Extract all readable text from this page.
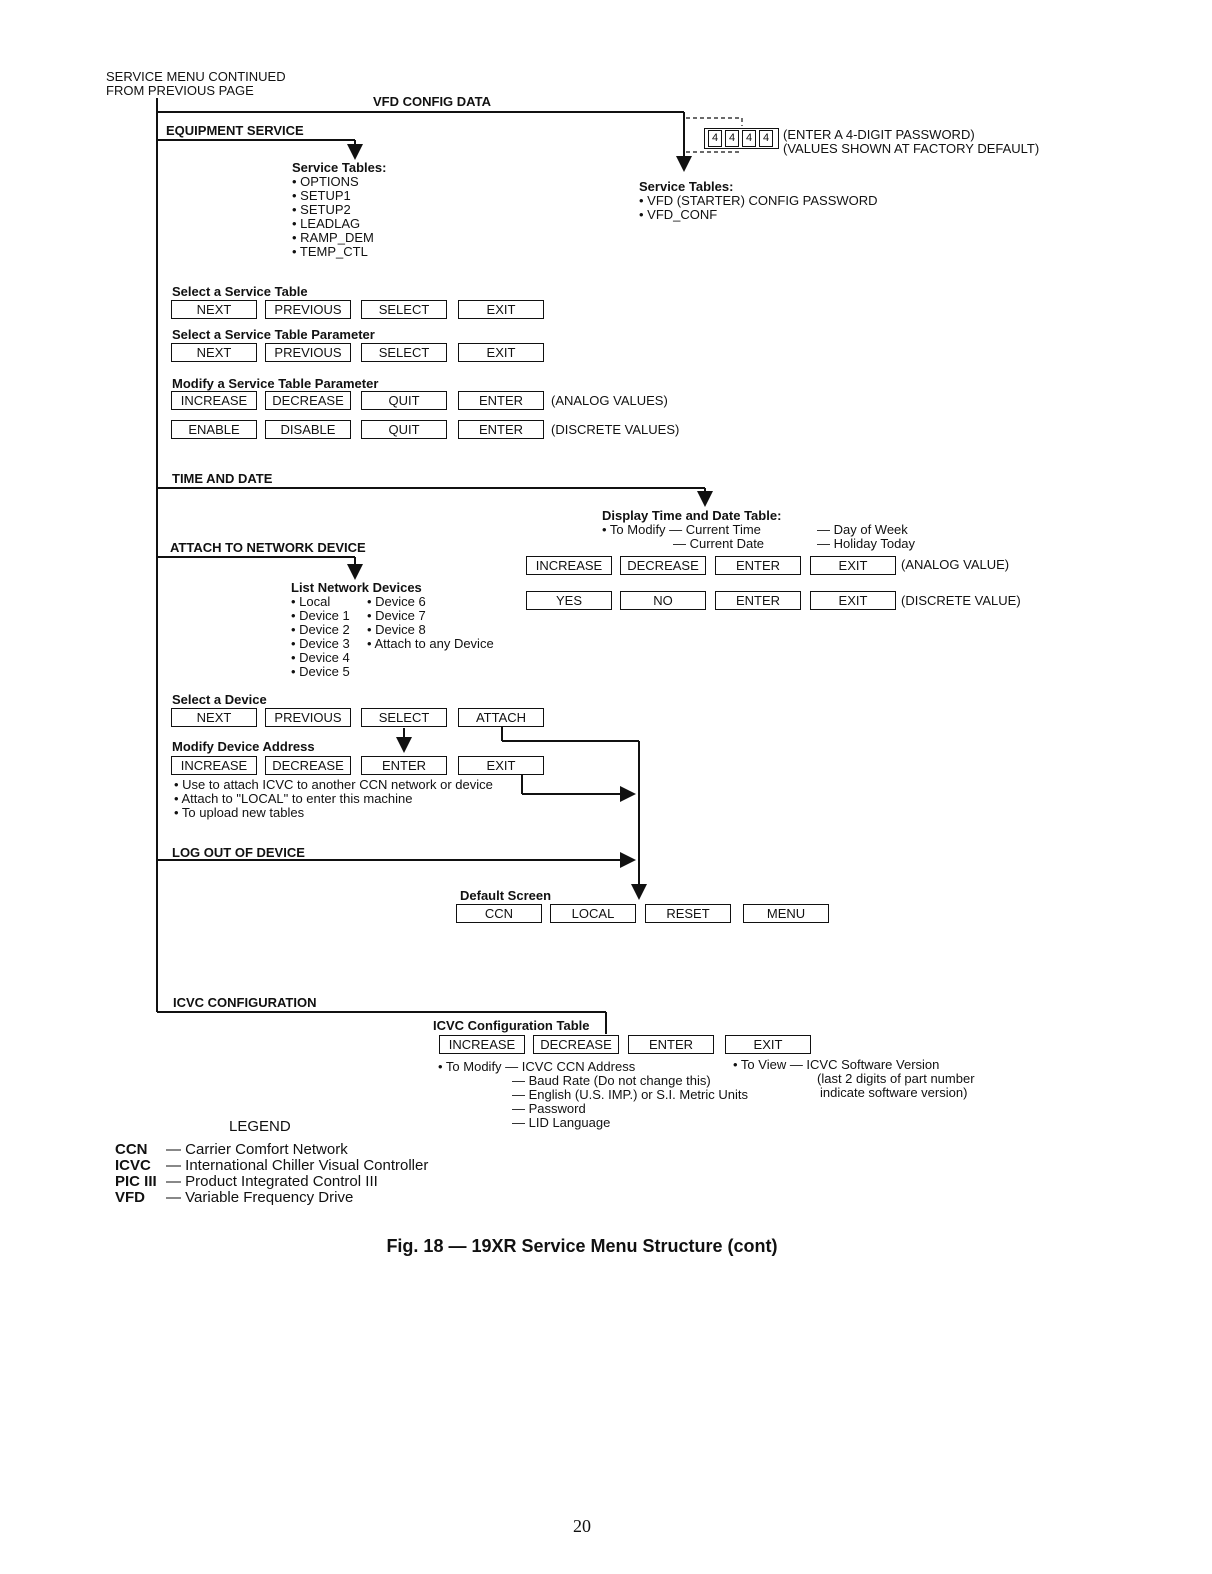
SERVICE MENU CONTINUED
FROM PREVIOUS PAGE
VFD CONFIG DATA
4 4 4 4	(ENTER A 4-DIGIT PASSWORD)
(VALUES SHOWN AT FACTORY DEFAULT)
Service Tables:
• VFD (STARTER) CONFIG PASSWORD
• VFD_CONF
EQUIPMENT SERVICE
Service Tables:
• OPTIONS
• SETUP1
• SETUP2
• LEADLAG
• RAMP_DEM
• TEMP_CTL
Select a Service Table
NEXT	PREVIOUS	SELECT	EXIT
Select a Service Table Parameter
NEXT	PREVIOUS	SELECT	EXIT
Modify a Service Table Parameter
INCREASE	DECREASE	QUIT	ENTER	(ANALOG VALUES)
ENABLE	DISABLE	QUIT	ENTER	(DISCRETE VALUES)
TIME AND DATE
Display Time and Date Table:
• To Modify — Current Time
— Current Date
— Day of Week
— Holiday Today
INCREASE	DECREASE	ENTER	EXIT	(ANALOG VALUE)
YES	NO	ENTER	EXIT	(DISCRETE VALUE)
ATTACH TO NETWORK DEVICE
List Network Devices
• Local
• Device 1
• Device 2
• Device 3
• Device 4
• Device 5
• Device 6
• Device 7
• Device 8
• Attach to any Device
Select a Device
NEXT	PREVIOUS	SELECT	ATTACH
Modify Device Address
INCREASE	DECREASE	ENTER	EXIT
• Use to attach ICVC to another CCN network or device
• Attach to "LOCAL" to enter this machine
• To upload new tables
LOG OUT OF DEVICE
Default Screen
CCN	LOCAL	RESET	MENU
ICVC CONFIGURATION
ICVC Configuration Table
INCREASE	DECREASE	ENTER	EXIT
• To Modify — ICVC CCN Address
— Baud Rate (Do not change this)
— English (U.S. IMP.) or S.I. Metric Units
— Password
— LID Language
• To View — ICVC Software Version
(last 2 digits of part number
indicate software version)
LEGEND
CCN — Carrier Comfort Network
ICVC — International Chiller Visual Controller
PIC III — Product Integrated Control III
VFD — Variable Frequency Drive
Fig. 18 — 19XR Service Menu Structure (cont)
20
